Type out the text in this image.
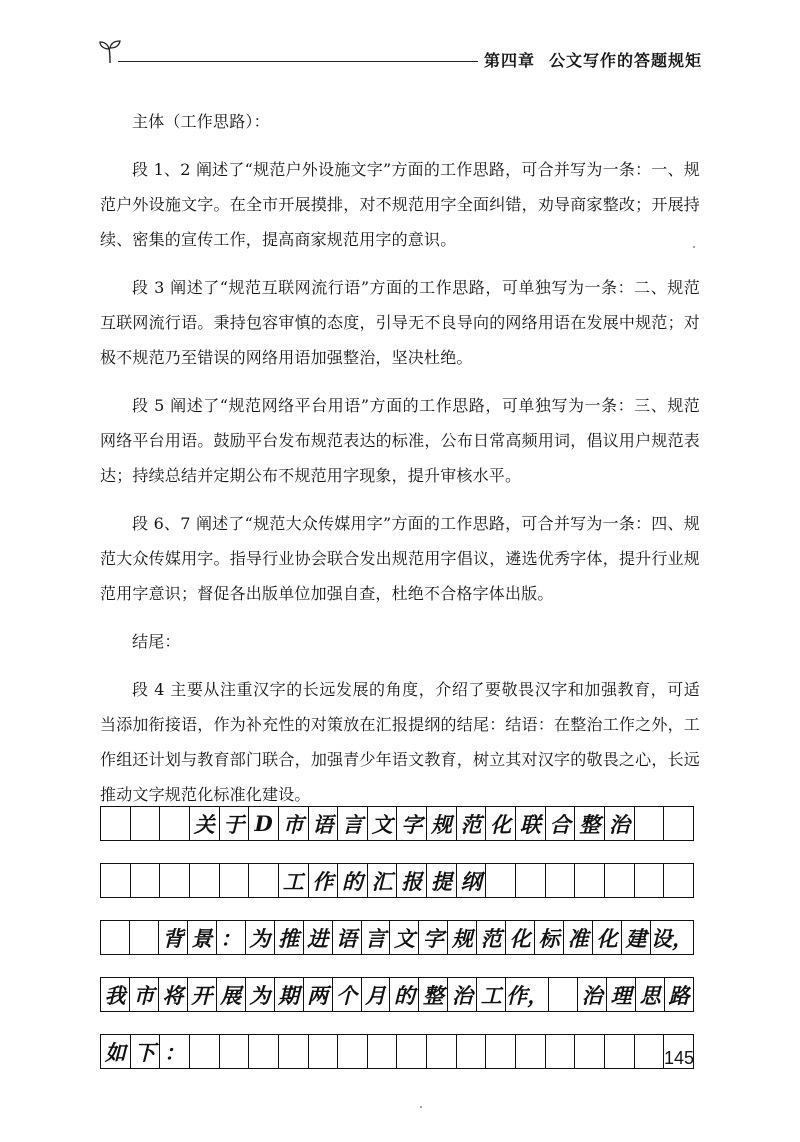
第四章 公文写作的答题规矩

主体（工作思路）：

段 1、2 阐述了“规范户外设施文字”方面的工作思路，可合并写为一条：一、规范户外设施文字。在全市开展摸排，对不规范用字全面纠错，劝导商家整改；开展持续、密集的宣传工作，提高商家规范用字的意识。

段 3 阐述了“规范互联网流行语”方面的工作思路，可单独写为一条：二、规范互联网流行语。秉持包容审慎的态度，引导无不良导向的网络用语在发展中规范；对极不规范乃至错误的网络用语加强整治，坚决杜绝。

段 5 阐述了“规范网络平台用语”方面的工作思路，可单独写为一条：三、规范网络平台用语。鼓励平台发布规范表达的标准，公布日常高频用词，倡议用户规范表达；持续总结并定期公布不规范用字现象，提升审核水平。

段 6、7 阐述了“规范大众传媒用字”方面的工作思路，可合并写为一条：四、规范大众传媒用字。指导行业协会联合发出规范用字倡议，遴选优秀字体，提升行业规范用字意识；督促各出版单位加强自查，杜绝不合格字体出版。

结尾：

段 4 主要从注重汉字的长远发展的角度，介绍了要敬畏汉字和加强教育，可适当添加衔接语，作为补充性的对策放在汇报提纲的结尾：结语：在整治工作之外，工作组还计划与教育部门联合，加强青少年语文教育，树立其对汉字的敬畏之心，长远推动文字规范化标准化建设。

关 于 D 市 语 言 文 字 规 范 化 联 合 整 治
工 作 的 汇 报 提 纲
背 景 ： 为 推 进 语 言 文 字 规 范 化 标 准 化 建 设，
我 市 将 开 展 为 期 两 个 月 的 整 治 工 作， 治 理 思 路
如 下 ：	145
